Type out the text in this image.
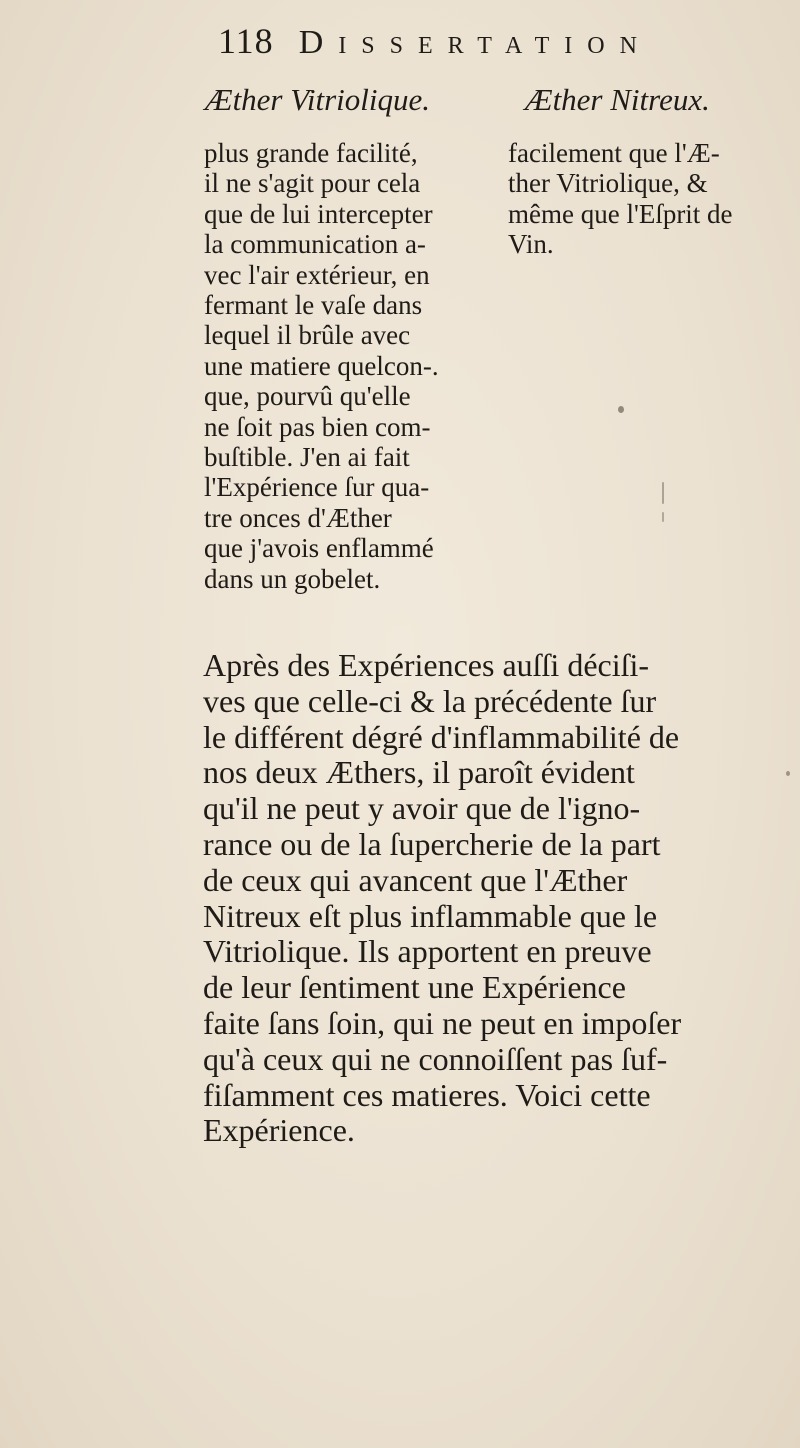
118 Dissertation
Æther Vitriolique.	Æther Nitreux.
plus grande facilité,
il ne s'agit pour cela
que de lui intercepter
la communication a-
vec l'air extérieur, en
fermant le vaſe dans
lequel il brûle avec
une matiere quelcon-.
que, pourvû qu'elle
ne ſoit pas bien com-
buſtible. J'en ai fait
l'Expérience ſur qua-
tre onces d'Æther
que j'avois enflammé
dans un gobelet.
facilement que l'Æ-
ther Vitriolique, &
même que l'Eſprit de
Vin.
Après des Expériences auſſi déciſi-
ves que celle-ci & la précédente ſur
le différent dégré d'inflammabilité de
nos deux Æthers, il paroît évident
qu'il ne peut y avoir que de l'igno-
rance ou de la ſupercherie de la part
de ceux qui avancent que l'Æther
Nitreux eſt plus inflammable que le
Vitriolique. Ils apportent en preuve
de leur ſentiment une Expérience
faite ſans ſoin, qui ne peut en impoſer
qu'à ceux qui ne connoiſſent pas ſuf-
fiſamment ces matieres. Voici cette
Expérience.
